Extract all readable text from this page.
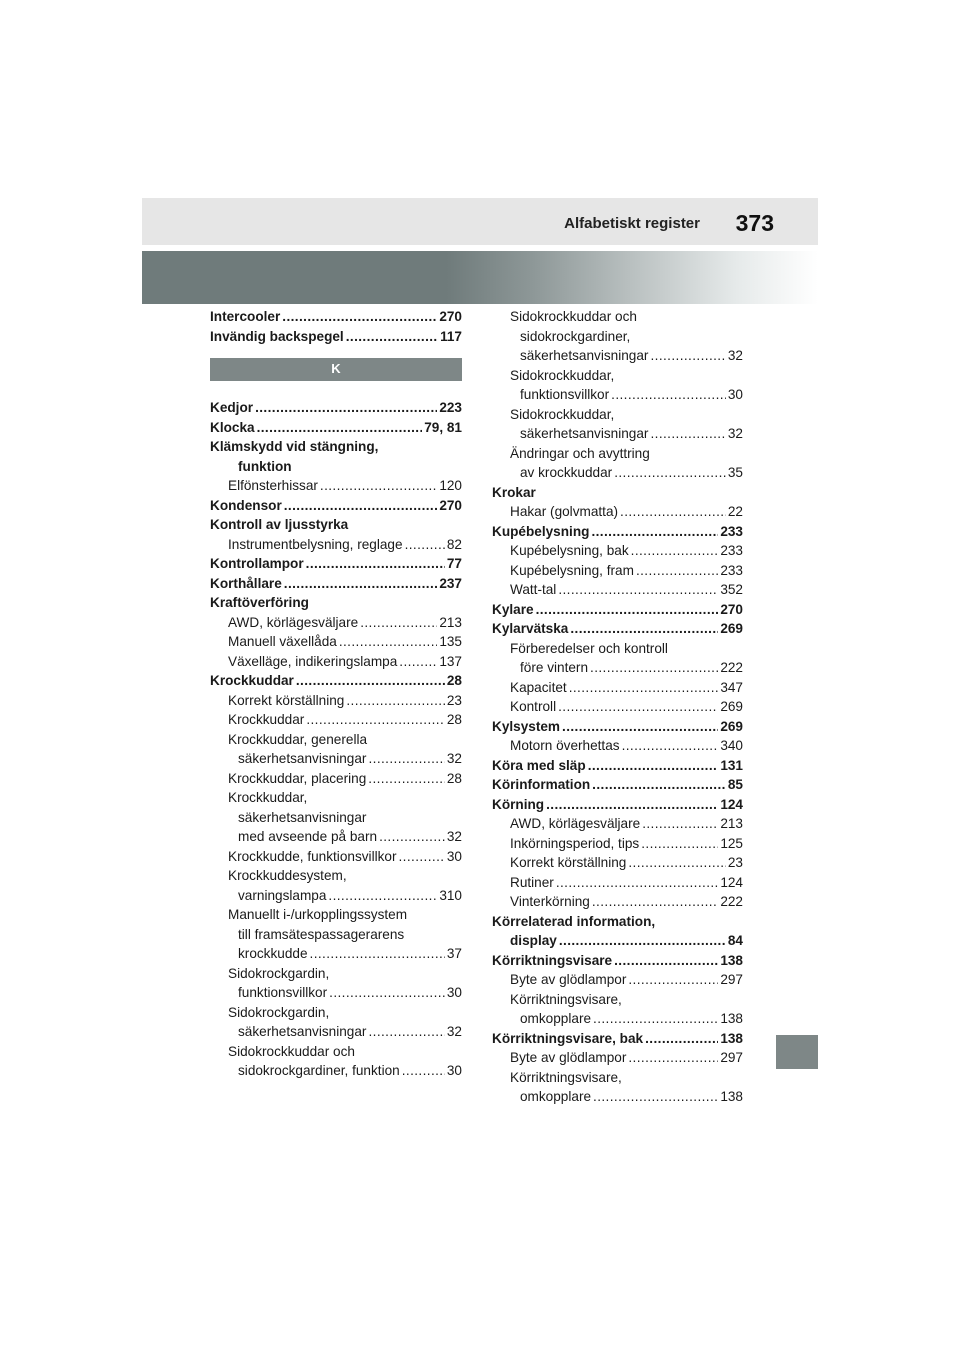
Alfabetiskt register 373
Intercooler .....	270
Invändig backspegel .....	117
K
Kedjor .....	223
Klocka .....	79, 81
Klämskydd vid stängning,
funktion
Elfönsterhissar .....	120
Kondensor .....	270
Kontroll av ljusstyrka
Instrumentbelysning, reglage .....	82
Kontrollampor .....	77
Korthållare .....	237
Kraftöverföring
AWD, körlägesväljare .....	213
Manuell växellåda .....	135
Växelläge, indikeringslampa .....	137
Krockkuddar .....	28
Korrekt körställning .....	23
Krockkuddar .....	28
Krockkuddar, generella
säkerhetsanvisningar .....	32
Krockkuddar, placering .....	28
Krockkuddar,
säkerhetsanvisningar
med avseende på barn .....	32
Krockkudde, funktionsvillkor .....	30
Krockkuddesystem,
varningslampa .....	310
Manuellt i-/urkopplingssystem
till framsätespassagerarens
krockkudde .....	37
Sidokrockgardin,
funktionsvillkor .....	30
Sidokrockgardin,
säkerhetsanvisningar .....	32
Sidokrockkuddar och
sidokrockgardiner, funktion .....	30
Sidokrockkuddar och
sidokrockgardiner,
säkerhetsanvisningar .....	32
Sidokrockkuddar,
funktionsvillkor .....	30
Sidokrockkuddar,
säkerhetsanvisningar .....	32
Ändringar och avyttring
av krockkuddar .....	35
Krokar
Hakar (golvmatta) .....	22
Kupébelysning .....	233
Kupébelysning, bak .....	233
Kupébelysning, fram .....	233
Watt-tal .....	352
Kylare .....	270
Kylarvätska .....	269
Förberedelser och kontroll
före vintern .....	222
Kapacitet .....	347
Kontroll .....	269
Kylsystem .....	269
Motorn överhettas .....	340
Köra med släp .....	131
Körinformation .....	85
Körning .....	124
AWD, körlägesväljare .....	213
Inkörningsperiod, tips .....	125
Korrekt körställning .....	23
Rutiner .....	124
Vinterkörning .....	222
Körrelaterad information,
display .....	84
Körriktningsvisare .....	138
Byte av glödlampor .....	297
Körriktningsvisare,
omkopplare .....	138
Körriktningsvisare, bak .....	138
Byte av glödlampor .....	297
Körriktningsvisare,
omkopplare .....	138
